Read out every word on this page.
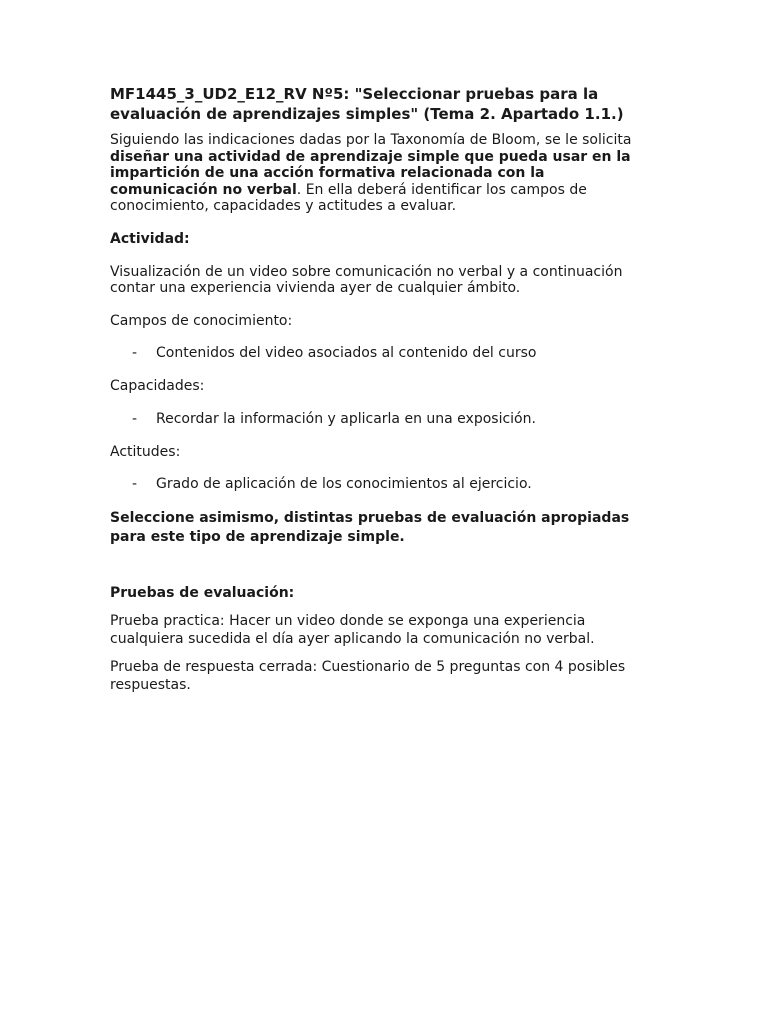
MF1445_3_UD2_E12_RV Nº5: "Seleccionar pruebas para la evaluación de aprendizajes simples" (Tema 2. Apartado 1.1.)

Siguiendo las indicaciones dadas por la Taxonomía de Bloom, se le solicita diseñar una actividad de aprendizaje simple que pueda usar en la impartición de una acción formativa relacionada con la comunicación no verbal. En ella deberá identificar los campos de conocimiento, capacidades y actitudes a evaluar.

Actividad:

Visualización de un video sobre comunicación no verbal y a continuación contar una experiencia vivienda ayer de cualquier ámbito.

Campos de conocimiento:

- Contenidos del video asociados al contenido del curso

Capacidades:

- Recordar la información y aplicarla en una exposición.

Actitudes:

- Grado de aplicación de los conocimientos al ejercicio.

Seleccione asimismo, distintas pruebas de evaluación apropiadas para este tipo de aprendizaje simple.

Pruebas de evaluación:

Prueba practica: Hacer un video donde se exponga una experiencia cualquiera sucedida el día ayer aplicando la comunicación no verbal.

Prueba de respuesta cerrada: Cuestionario de 5 preguntas con 4 posibles respuestas.
